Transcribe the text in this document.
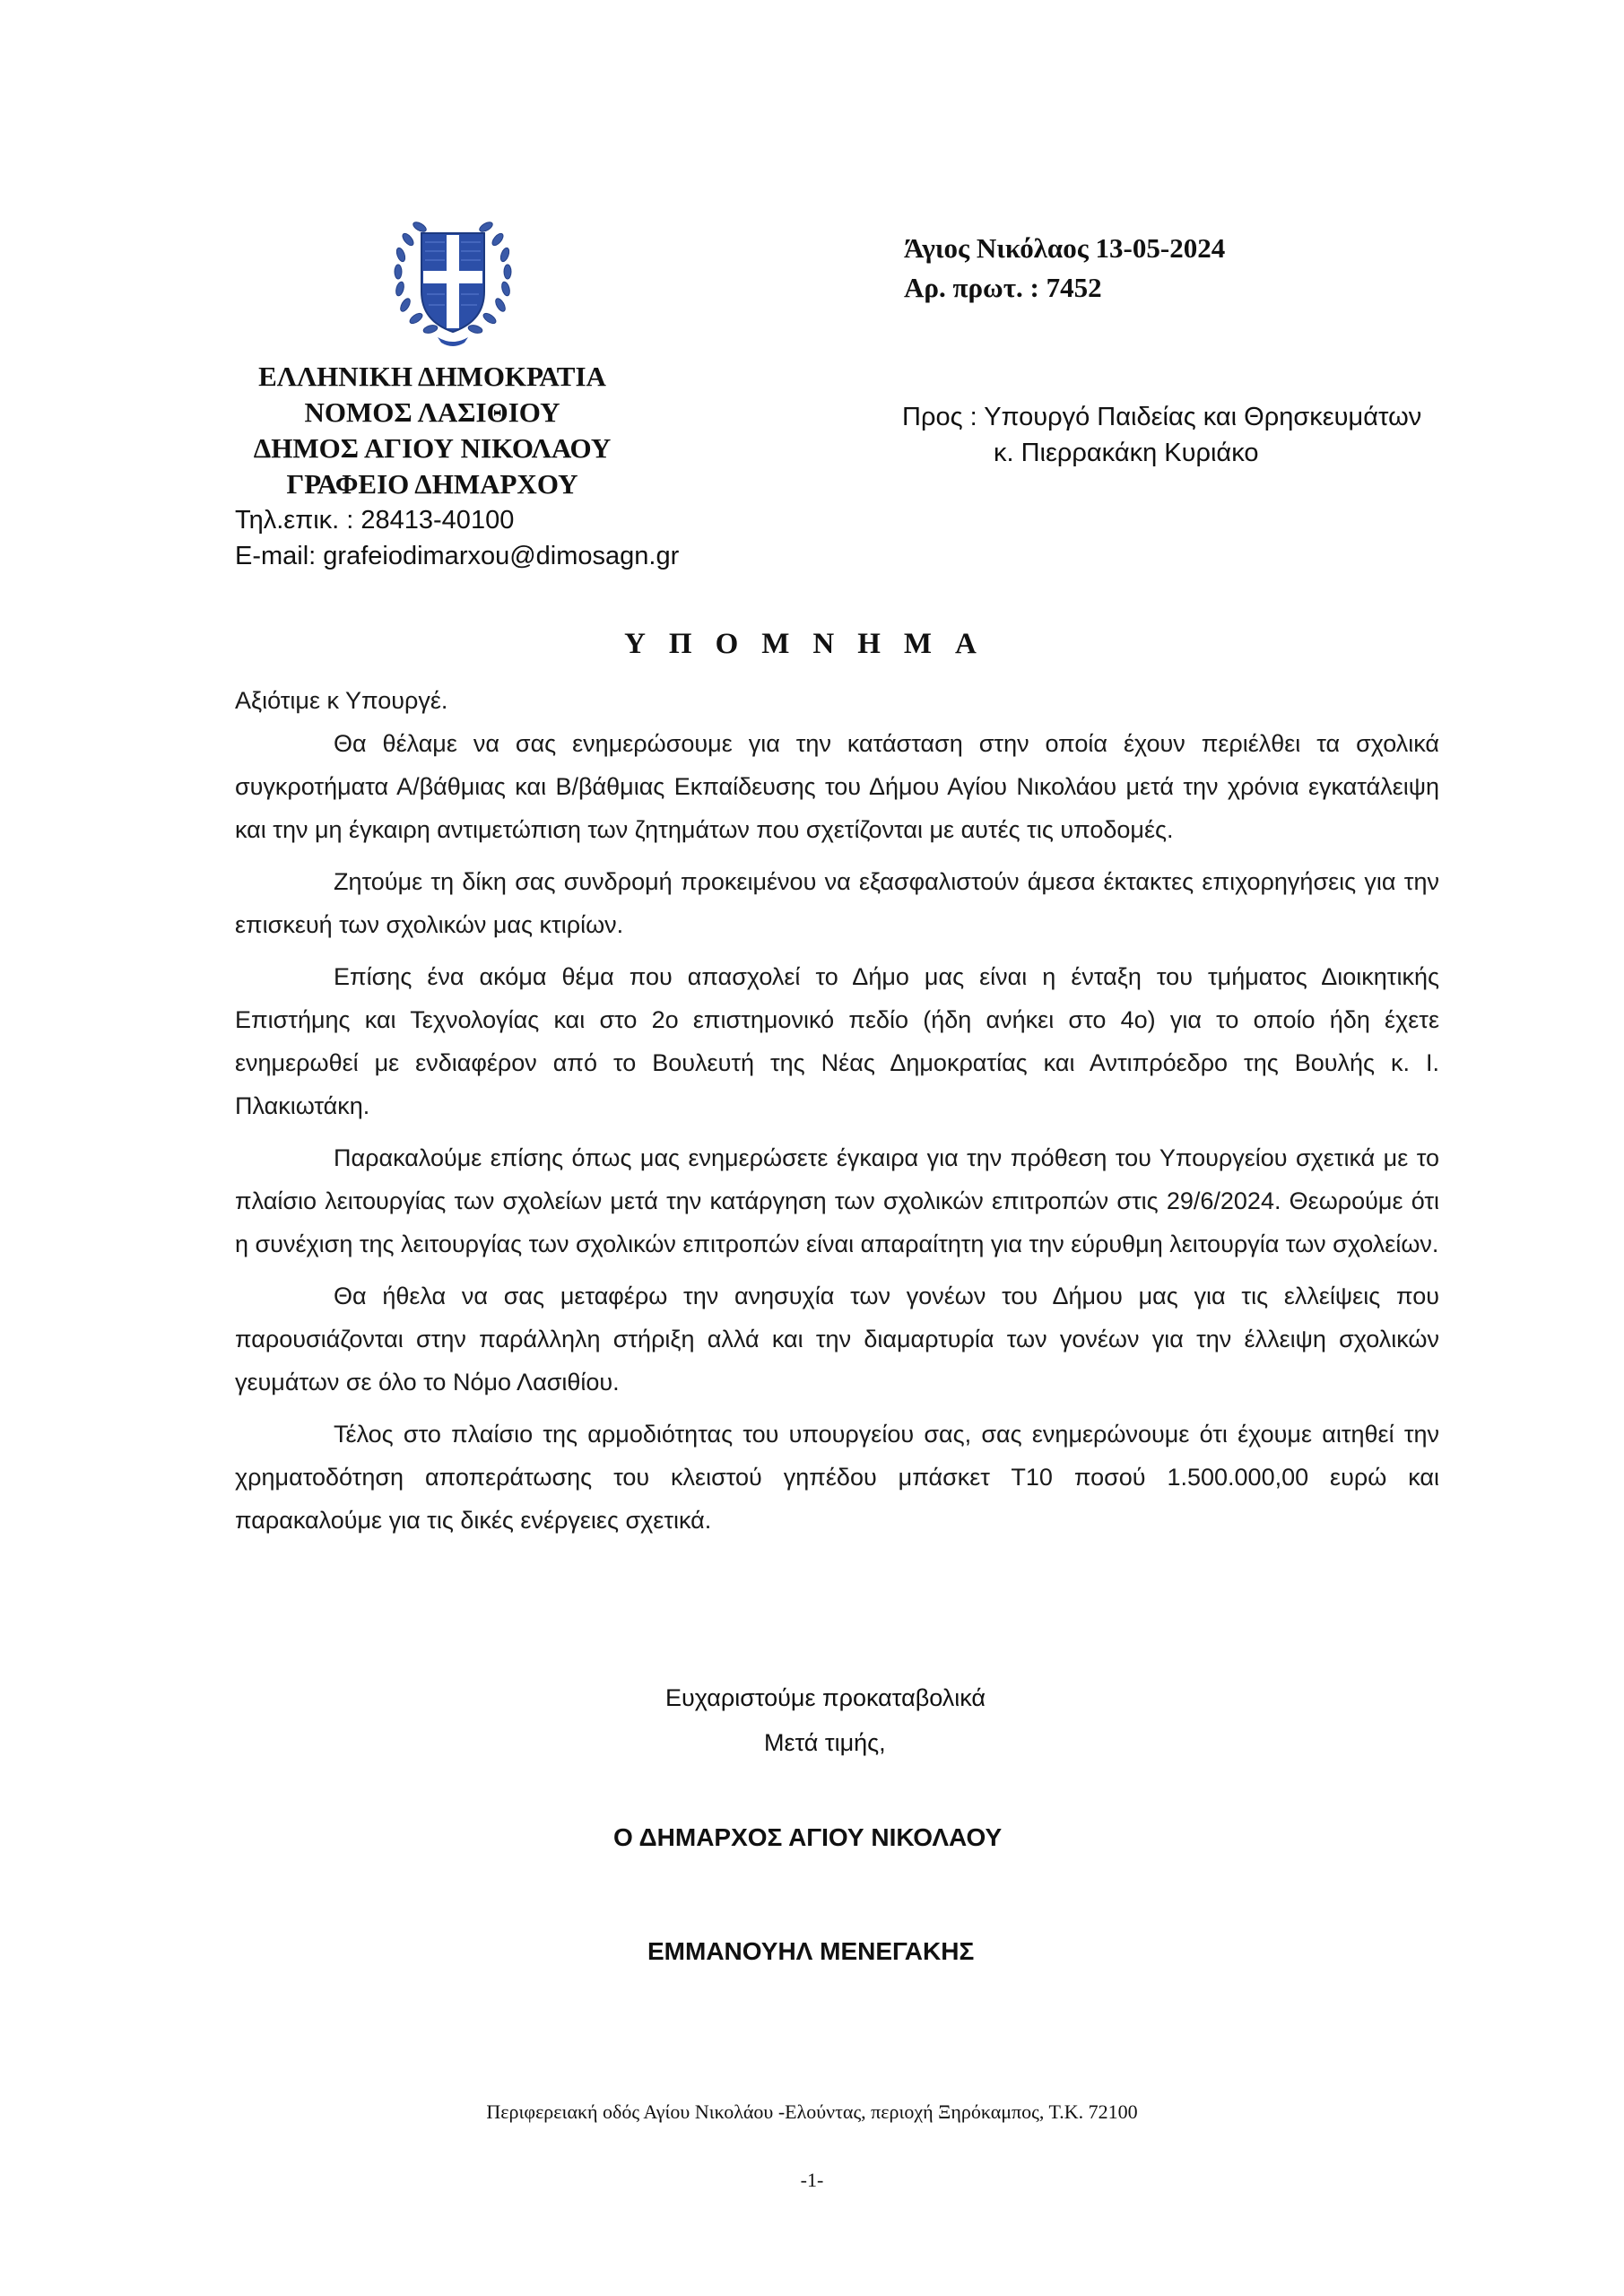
Άγιος Νικόλαος 13-05-2024
Αρ. πρωτ. : 7452
ΕΛΛΗΝΙΚΗ ΔΗΜΟΚΡΑΤΙΑ
ΝΟΜΟΣ ΛΑΣΙΘΙΟΥ
ΔΗΜΟΣ ΑΓΙΟΥ ΝΙΚΟΛΑΟΥ
ΓΡΑΦΕΙΟ ΔΗΜΑΡΧΟΥ
Τηλ.επικ. : 28413-40100
E-mail: grafeiodimarxou@dimosagn.gr
Προς : Υπουργό Παιδείας και Θρησκευμάτων
κ. Πιερρακάκη Κυριάκο
ΥΠΟΜΝΗΜΑ

Αξιότιμε κ Υπουργέ.

Θα θέλαμε να σας ενημερώσουμε για την κατάσταση στην οποία έχουν περιέλθει τα σχολικά συγκροτήματα Α/βάθμιας και Β/βάθμιας Εκπαίδευσης του Δήμου Αγίου Νικολάου μετά την χρόνια εγκατάλειψη και την μη έγκαιρη αντιμετώπιση των ζητημάτων που σχετίζονται με αυτές τις υποδομές.

Ζητούμε τη δίκη σας συνδρομή προκειμένου να εξασφαλιστούν άμεσα έκτακτες επιχορηγήσεις για την επισκευή των σχολικών μας κτιρίων.

Επίσης ένα ακόμα θέμα που απασχολεί το Δήμο μας είναι η ένταξη του τμήματος Διοικητικής Επιστήμης και Τεχνολογίας και στο 2ο επιστημονικό πεδίο (ήδη ανήκει στο 4ο) για το οποίο ήδη έχετε ενημερωθεί με ενδιαφέρον από το Βουλευτή της Νέας Δημοκρατίας και Αντιπρόεδρο της Βουλής κ. Ι. Πλακιωτάκη.

Παρακαλούμε επίσης όπως μας ενημερώσετε έγκαιρα για την πρόθεση του Υπουργείου σχετικά με το πλαίσιο λειτουργίας των σχολείων μετά την κατάργηση των σχολικών επιτροπών στις 29/6/2024. Θεωρούμε ότι η συνέχιση της λειτουργίας των σχολικών επιτροπών είναι απαραίτητη για την εύρυθμη λειτουργία των σχολείων.

Θα ήθελα να σας μεταφέρω την ανησυχία των γονέων του Δήμου μας για τις ελλείψεις που παρουσιάζονται στην παράλληλη στήριξη αλλά και την διαμαρτυρία των γονέων για την έλλειψη σχολικών γευμάτων σε όλο το Νόμο Λασιθίου.

Τέλος στο πλαίσιο της αρμοδιότητας του υπουργείου σας, σας ενημερώνουμε ότι έχουμε αιτηθεί την χρηματοδότηση αποπεράτωσης του κλειστού γηπέδου μπάσκετ Τ10 ποσού 1.500.000,00 ευρώ και παρακαλούμε για τις δικές ενέργειες σχετικά.

Ευχαριστούμε προκαταβολικά
Μετά τιμής,
Ο ΔΗΜΑΡΧΟΣ ΑΓΙΟΥ ΝΙΚΟΛΑΟΥ
ΕΜΜΑΝΟΥΗΛ ΜΕΝΕΓΑΚΗΣ
Περιφερειακή οδός Αγίου Νικολάου -Ελούντας, περιοχή Ξηρόκαμπος, Τ.Κ. 72100
-1-
